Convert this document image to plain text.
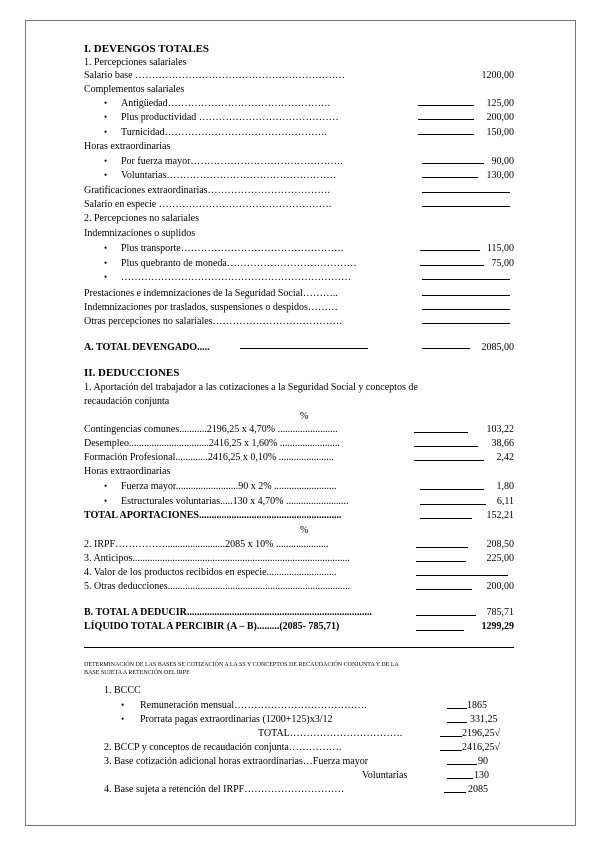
I. DEVENGOS TOTALES
1. Percepciones salariales
Salario base ………………………………………………………	1200,00
Complementos salariales
• Antigüedad………………………………………….	125,00
• Plus productividad ……………………………………	200,00
• Turnicidad………………………………………….	150,00
Horas extraordinarias
• Por fuerza mayor……………………………………….	90,00
• Voluntarias……………………………………………	130,00
Gratificaciones extraordinarias……………………………….
Salario en especie …………………………………………….
2. Percepciones no salariales
Indemnizaciones o suplidos
• Plus transporte………………………………………….	115,00
• Plus quebranto de moneda…………………………………	75,00
• ……………………………………………………………
Prestaciones e indemnizaciones de la Seguridad Social………..
Indemnizaciones por traslados, suspensiones o despidos………
Otras percepciones no salariales…………………………………
A. TOTAL DEVENGADO.....	2085,00
II. DEDUCCIONES
1. Aportación del trabajador a las cotizaciones a la Seguridad Social y conceptos de
recaudación conjunta
%
Contingencias comunes...........2196,25 x 4,70% ........................	103,22
Desempleo................................2416,25 x 1,60% ........................	38,66
Formación Profesional.............2416,25 x 0,10% ......................	2,42
Horas extraordinarias
• Fuerza mayor.........................90 x 2% .........................	1,80
• Estructurales voluntarias.....130 x 4,70% .........................	6,11
TOTAL APORTACIONES.........................................................	152,21
%
2. IRPF……………........................2085 x 10% .....................	208,50
3. Anticipos.......................................................................................	225,00
4. Valor de los productos recibidos en especie............................
5. Otras deducciones.........................................................................	200,00
B. TOTAL A DEDUCIR..........................................................................	785,71
LÍQUIDO TOTAL A PERCIBIR (A – B).........(2085- 785,71)	1299,29
DETERMINACIÓN DE LAS BASES SE COTIZACIÓN A LA SS Y CONCEPTOS DE RECAUDACIÓN CONJUNTA Y DE LA
BASE SUJETA A RETENCIÓN DEL IRPF.
1. BCCC
• Remuneración mensual………………………………….	1865
• Prorrata pagas extraordinarias (1200+125)x3/12	331,25
TOTAL…………………………….	2196,25√
2. BCCP y conceptos de recaudación conjunta…………….	2416,25√
3. Base cotización adicional horas extraordinarias…Fuerza mayor	90
Voluntarias	130
4. Base sujeta a retención del IRPF…………………………	2085
